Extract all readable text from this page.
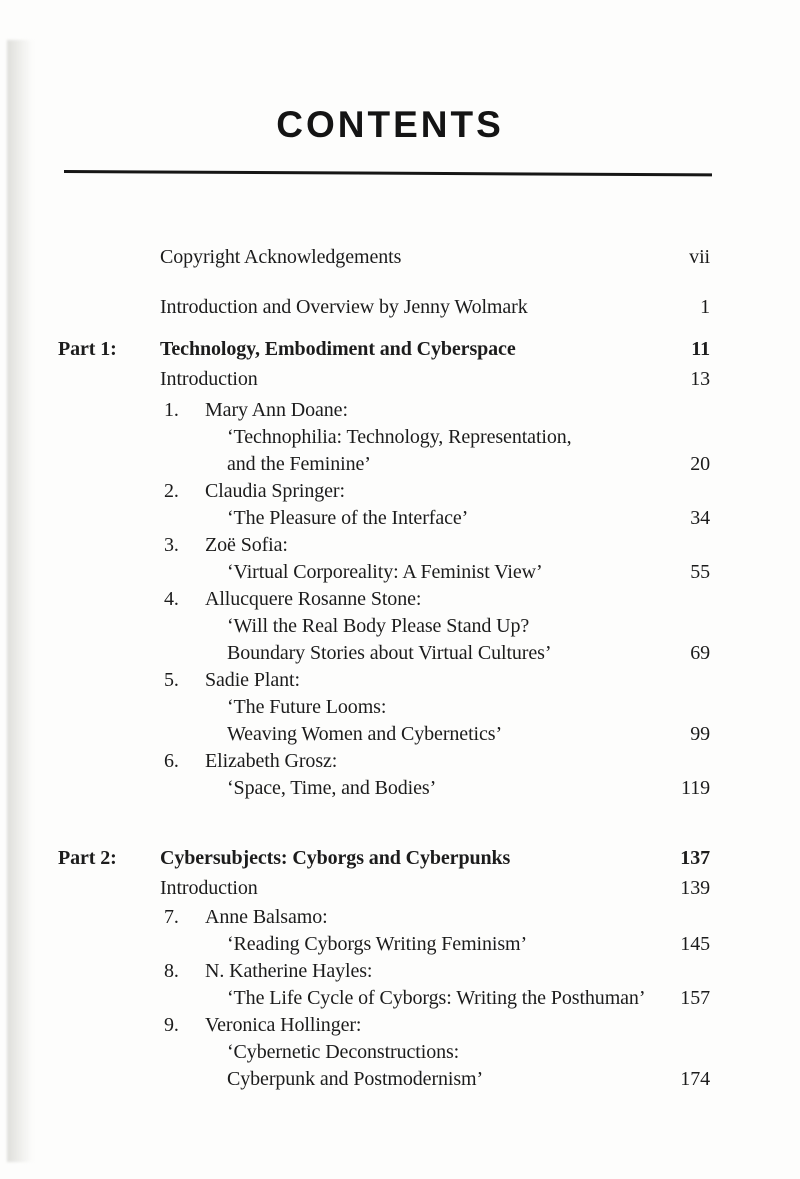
CONTENTS
Copyright Acknowledgements	vii
Introduction and Overview by Jenny Wolmark	1
Part 1:	Technology, Embodiment and Cyberspace	11
Introduction	13
1. Mary Ann Doane:
‘Technophilia: Technology, Representation,
and the Feminine’	20
2. Claudia Springer:
‘The Pleasure of the Interface’	34
3. Zoë Sofia:
‘Virtual Corporeality: A Feminist View’	55
4. Allucquere Rosanne Stone:
‘Will the Real Body Please Stand Up?
Boundary Stories about Virtual Cultures’	69
5. Sadie Plant:
‘The Future Looms:
Weaving Women and Cybernetics’	99
6. Elizabeth Grosz:
‘Space, Time, and Bodies’	119
Part 2:	Cybersubjects: Cyborgs and Cyberpunks	137
Introduction	139
7. Anne Balsamo:
‘Reading Cyborgs Writing Feminism’	145
8. N. Katherine Hayles:
‘The Life Cycle of Cyborgs: Writing the Posthuman’	157
9. Veronica Hollinger:
‘Cybernetic Deconstructions:
Cyberpunk and Postmodernism’	174
